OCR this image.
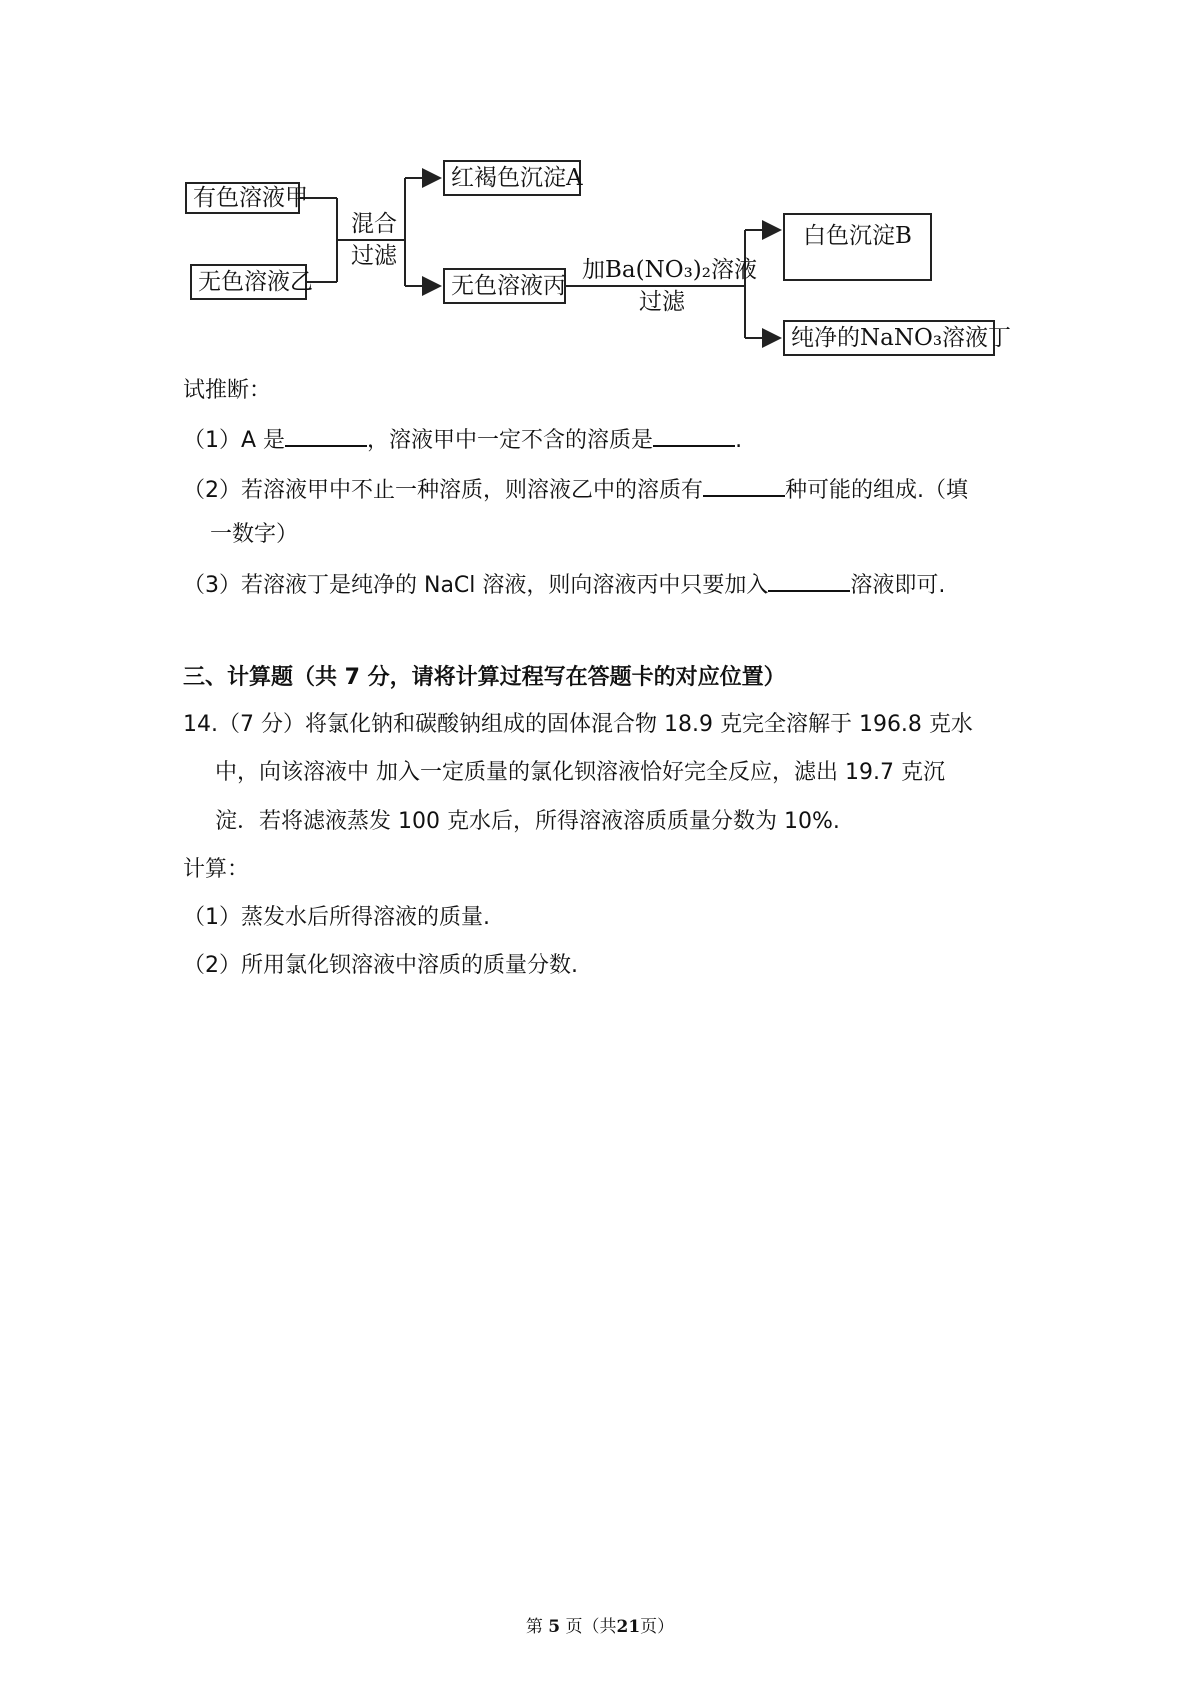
有色溶液甲
无色溶液乙
混合
过滤
红褐色沉淀A
无色溶液丙
加Ba(NO₃)₂溶液
过滤
白色沉淀B
纯净的NaNO₃溶液丁
试推断：
（1）A 是	，溶液甲中一定不含的溶质是	.
（2）若溶液甲中不止一种溶质，则溶液乙中的溶质有	种可能的组成.（填
一数字）
（3）若溶液丁是纯净的 NaCl 溶液，则向溶液丙中只要加入	溶液即可.
三、计算题（共 7 分，请将计算过程写在答题卡的对应位置）
14.（7 分）将氯化钠和碳酸钠组成的固体混合物 18.9 克完全溶解于 196.8 克水
中，向该溶液中 加入一定质量的氯化钡溶液恰好完全反应，滤出 19.7 克沉
淀．若将滤液蒸发 100 克水后，所得溶液溶质质量分数为 10%.
计算：
（1）蒸发水后所得溶液的质量.
（2）所用氯化钡溶液中溶质的质量分数.
第 5 页（共21页）
